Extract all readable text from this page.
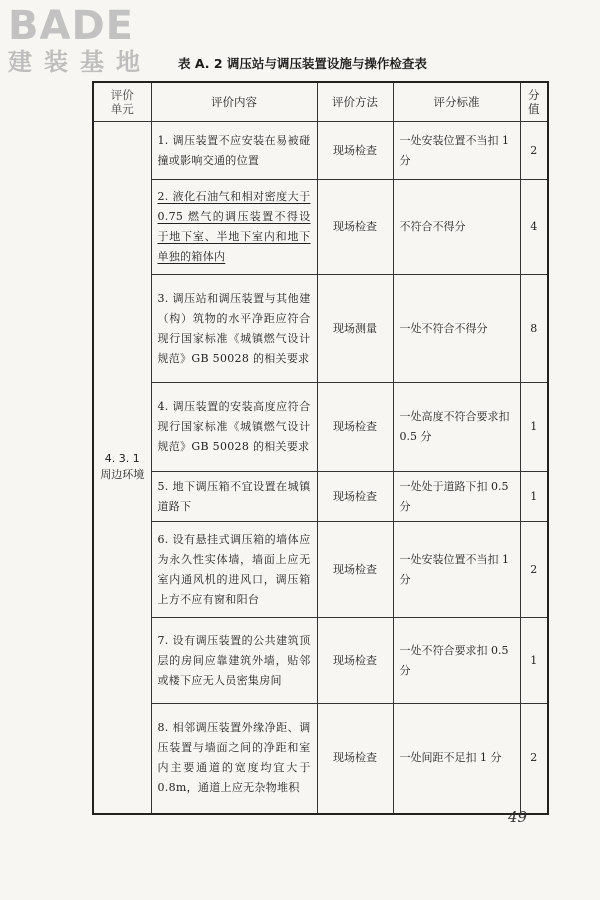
BADE
建装基地	表 A. 2 调压站与调压装置设施与操作检查表
评价单元	评价内容	评价方法	评分标准	分值

4. 3. 1
周边环境	1. 调压装置不应安装在易被碰撞或影响交通的位置	现场检查	一处安装位置不当扣 1 分	2
	2. 液化石油气和相对密度大于 0.75 燃气的调压装置不得设于地下室、半地下室内和地下单独的箱体内	现场检查	不符合不得分	4
	3. 调压站和调压装置与其他建（构）筑物的水平净距应符合现行国家标准《城镇燃气设计规范》GB 50028 的相关要求	现场测量	一处不符合不得分	8
	4. 调压装置的安装高度应符合现行国家标准《城镇燃气设计规范》GB 50028 的相关要求	现场检查	一处高度不符合要求扣 0.5 分	1
	5. 地下调压箱不宜设置在城镇道路下	现场检查	一处处于道路下扣 0.5 分	1
	6. 设有悬挂式调压箱的墙体应为永久性实体墙，墙面上应无室内通风机的进风口，调压箱上方不应有窗和阳台	现场检查	一处安装位置不当扣 1 分	2
	7. 设有调压装置的公共建筑顶层的房间应靠建筑外墙，贴邻或楼下应无人员密集房间	现场检查	一处不符合要求扣 0.5 分	1
	8. 相邻调压装置外缘净距、调压装置与墙面之间的净距和室内主要通道的宽度均宜大于 0.8m，通道上应无杂物堆积	现场检查	一处间距不足扣 1 分	2
49
